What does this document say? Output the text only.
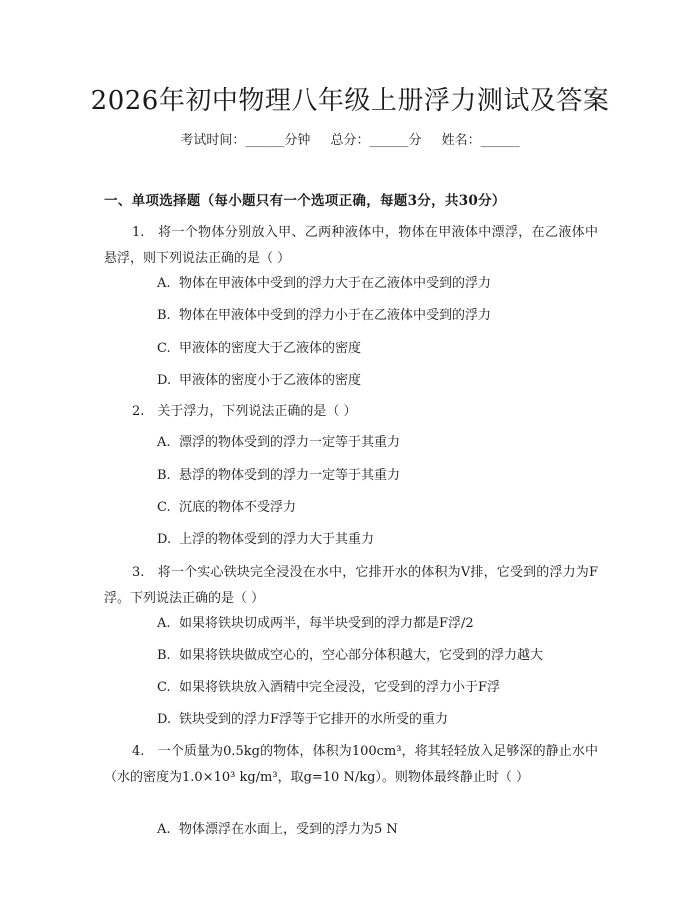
2026年初中物理八年级上册浮力测试及答案
考试时间：______分钟 总分：______分 姓名：______
一、单项选择题（每小题只有一个选项正确，每题3分，共30分）
1.　将一个物体分别放入甲、乙两种液体中，物体在甲液体中漂浮，在乙液体中悬浮，则下列说法正确的是（ ）
A. 物体在甲液体中受到的浮力大于在乙液体中受到的浮力
B. 物体在甲液体中受到的浮力小于在乙液体中受到的浮力
C. 甲液体的密度大于乙液体的密度
D. 甲液体的密度小于乙液体的密度
2.　关于浮力，下列说法正确的是（ ）
A. 漂浮的物体受到的浮力一定等于其重力
B. 悬浮的物体受到的浮力一定等于其重力
C. 沉底的物体不受浮力
D. 上浮的物体受到的浮力大于其重力
3.　将一个实心铁块完全浸没在水中，它排开水的体积为V排，它受到的浮力为F浮。下列说法正确的是（ ）
A. 如果将铁块切成两半，每半块受到的浮力都是F浮/2
B. 如果将铁块做成空心的，空心部分体积越大，它受到的浮力越大
C. 如果将铁块放入酒精中完全浸没，它受到的浮力小于F浮
D. 铁块受到的浮力F浮等于它排开的水所受的重力
4.　一个质量为0.5kg的物体，体积为100cm³，将其轻轻放入足够深的静止水中（水的密度为1.0×10³ kg/m³，取g=10 N/kg）。则物体最终静止时（ ）
A. 物体漂浮在水面上，受到的浮力为5 N
